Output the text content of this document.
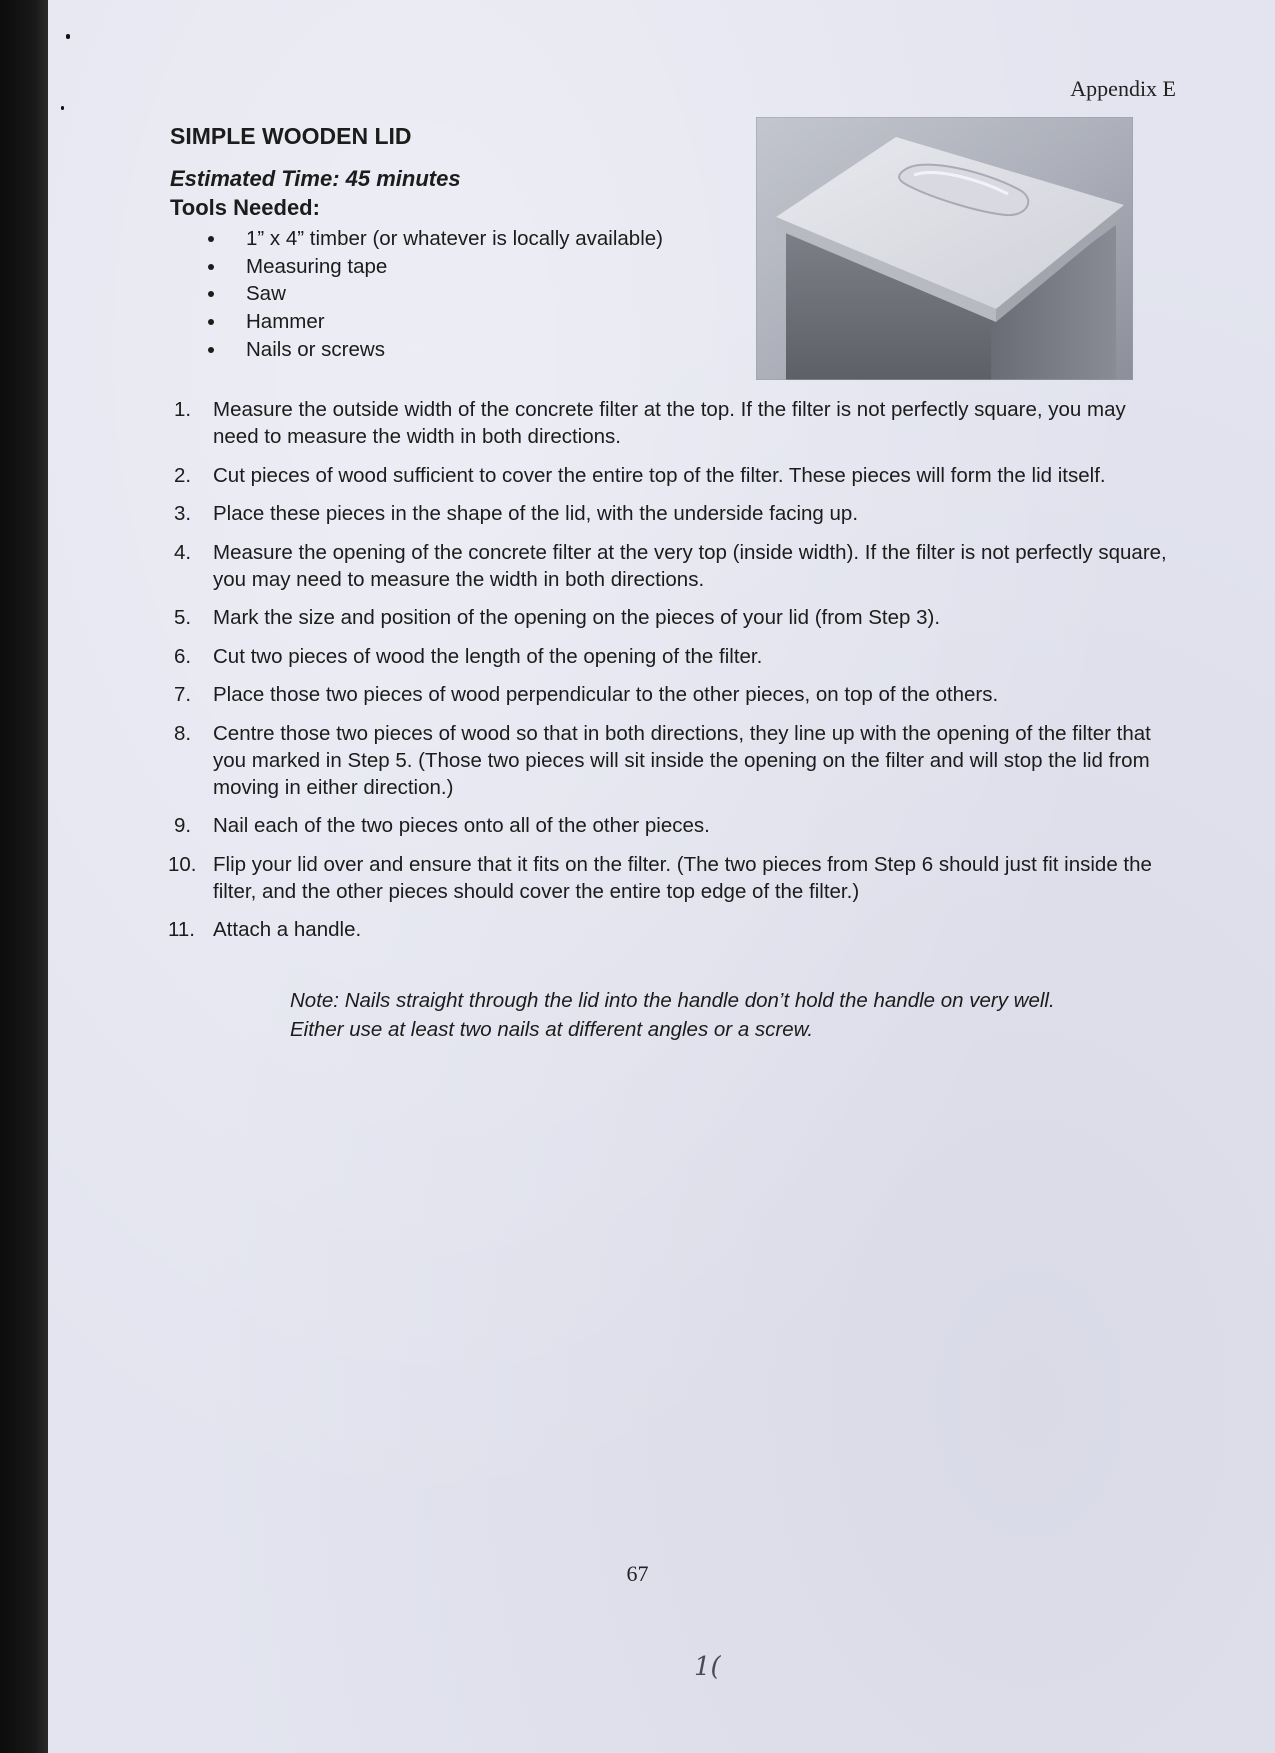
Appendix E

SIMPLE WOODEN LID

Estimated Time: 45 minutes

Tools Needed:

1” x 4” timber (or whatever is locally available)
Measuring tape
Saw
Hammer
Nails or screws
1. Measure the outside width of the concrete filter at the top. If the filter is not perfectly square, you may need to measure the width in both directions.
2. Cut pieces of wood sufficient to cover the entire top of the filter. These pieces will form the lid itself.
3. Place these pieces in the shape of the lid, with the underside facing up.
4. Measure the opening of the concrete filter at the very top (inside width). If the filter is not perfectly square, you may need to measure the width in both directions.
5. Mark the size and position of the opening on the pieces of your lid (from Step 3).
6. Cut two pieces of wood the length of the opening of the filter.
7. Place those two pieces of wood perpendicular to the other pieces, on top of the others.
8. Centre those two pieces of wood so that in both directions, they line up with the opening of the filter that you marked in Step 5. (Those two pieces will sit inside the opening on the filter and will stop the lid from moving in either direction.)
9. Nail each of the two pieces onto all of the other pieces.
10. Flip your lid over and ensure that it fits on the filter. (The two pieces from Step 6 should just fit inside the filter, and the other pieces should cover the entire top edge of the filter.)
11. Attach a handle.
Note: Nails straight through the lid into the handle don’t hold the handle on very well.
Either use at least two nails at different angles or a screw.

67

1(
